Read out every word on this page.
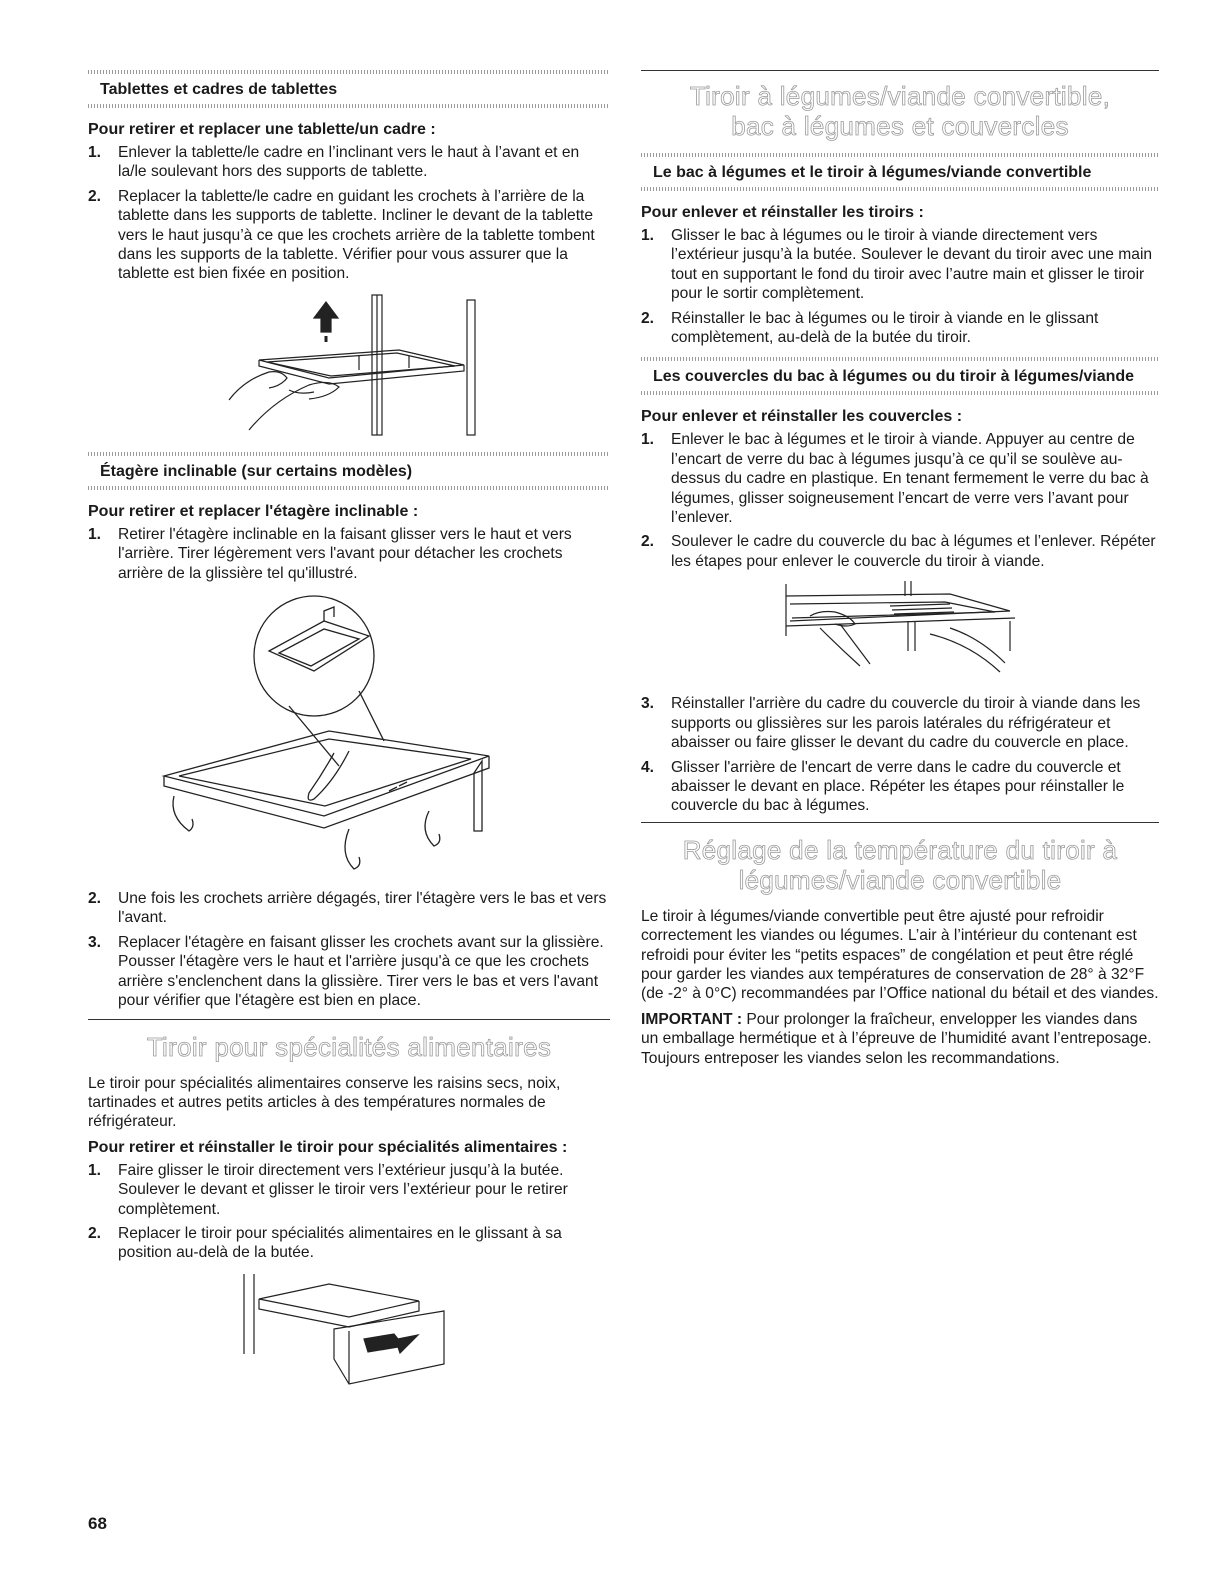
Tablettes et cadres de tablettes
Pour retirer et replacer une tablette/un cadre :
1. Enlever la tablette/le cadre en l’inclinant vers le haut à l’avant et en la/le soulevant hors des supports de tablette.
2. Replacer la tablette/le cadre en guidant les crochets à l’arrière de la tablette dans les supports de tablette. Incliner le devant de la tablette vers le haut jusqu’à ce que les crochets arrière de la tablette tombent dans les supports de la tablette. Vérifier pour vous assurer que la tablette est bien fixée en position.
Étagère inclinable (sur certains modèles)
Pour retirer et replacer l'étagère inclinable :
1. Retirer l'étagère inclinable en la faisant glisser vers le haut et vers l'arrière. Tirer légèrement vers l'avant pour détacher les crochets arrière de la glissière tel qu'illustré.
2. Une fois les crochets arrière dégagés, tirer l'étagère vers le bas et vers l'avant.
3. Replacer l'étagère en faisant glisser les crochets avant sur la glissière. Pousser l'étagère vers le haut et l'arrière jusqu'à ce que les crochets arrière s'enclenchent dans la glissière. Tirer vers le bas et vers l'avant pour vérifier que l'étagère est bien en place.
Tiroir pour spécialités alimentaires

Le tiroir pour spécialités alimentaires conserve les raisins secs, noix, tartinades et autres petits articles à des températures normales de réfrigérateur.

Pour retirer et réinstaller le tiroir pour spécialités alimentaires :
1. Faire glisser le tiroir directement vers l’extérieur jusqu’à la butée. Soulever le devant et glisser le tiroir vers l’extérieur pour le retirer complètement.
2. Replacer le tiroir pour spécialités alimentaires en le glissant à sa position au-delà de la butée.
Tiroir à légumes/viande convertible,
bac à légumes et couvercles
Le bac à légumes et le tiroir à légumes/viande convertible
Pour enlever et réinstaller les tiroirs :
1. Glisser le bac à légumes ou le tiroir à viande directement vers l’extérieur jusqu’à la butée. Soulever le devant du tiroir avec une main tout en supportant le fond du tiroir avec l’autre main et glisser le tiroir pour le sortir complètement.
2. Réinstaller le bac à légumes ou le tiroir à viande en le glissant complètement, au-delà de la butée du tiroir.
Les couvercles du bac à légumes ou du tiroir à légumes/viande
Pour enlever et réinstaller les couvercles :
1. Enlever le bac à légumes et le tiroir à viande. Appuyer au centre de l’encart de verre du bac à légumes jusqu’à ce qu’il se soulève au-dessus du cadre en plastique. En tenant fermement le verre du bac à légumes, glisser soigneusement l’encart de verre vers l’avant pour l’enlever.
2. Soulever le cadre du couvercle du bac à légumes et l’enlever. Répéter les étapes pour enlever le couvercle du tiroir à viande.
3. Réinstaller l'arrière du cadre du couvercle du tiroir à viande dans les supports ou glissières sur les parois latérales du réfrigérateur et abaisser ou faire glisser le devant du cadre du couvercle en place.
4. Glisser l'arrière de l'encart de verre dans le cadre du couvercle et abaisser le devant en place. Répéter les étapes pour réinstaller le couvercle du bac à légumes.
Réglage de la température du tiroir à
légumes/viande convertible

Le tiroir à légumes/viande convertible peut être ajusté pour refroidir correctement les viandes ou légumes. L’air à l’intérieur du contenant est refroidi pour éviter les “petits espaces” de congélation et peut être réglé pour garder les viandes aux températures de conservation de 28° à 32°F (de -2° à 0°C) recommandées par l’Office national du bétail et des viandes.

IMPORTANT : Pour prolonger la fraîcheur, envelopper les viandes dans un emballage hermétique et à l’épreuve de l’humidité avant l’entreposage. Toujours entreposer les viandes selon les recommandations.

68
